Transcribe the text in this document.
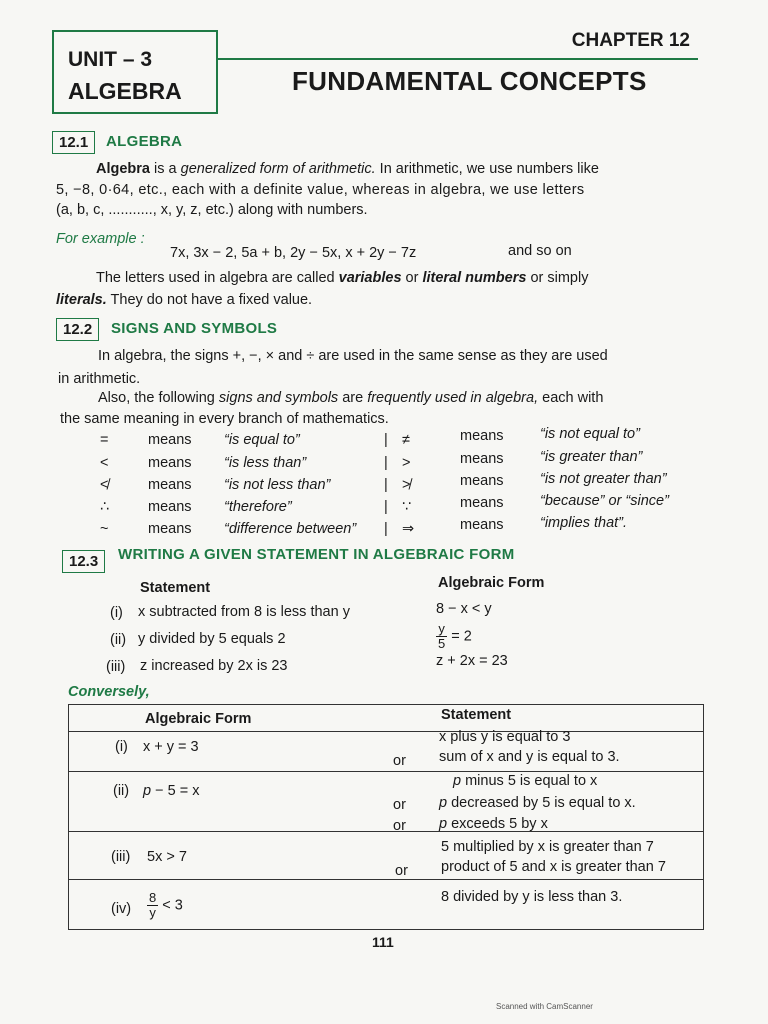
UNIT – 3
ALGEBRA
CHAPTER 12
FUNDAMENTAL CONCEPTS
12.1	ALGEBRA
Algebra is a generalized form of arithmetic. In arithmetic, we use numbers like
5, −8, 0·64, etc., each with a definite value, whereas in algebra, we use letters
(a, b, c, ..........., x, y, z, etc.) along with numbers.
For example :
7x, 3x − 2, 5a + b, 2y − 5x, x + 2y − 7z	and so on
The letters used in algebra are called variables or literal numbers or simply
literals. They do not have a fixed value.
12.2	SIGNS AND SYMBOLS
In algebra, the signs +, −, × and ÷ are used in the same sense as they are used
in arithmetic.
Also, the following signs and symbols are frequently used in algebra, each with
the same meaning in every branch of mathematics.
=	means “is equal to”	| ≠	means	“is not equal to”
<	means “is less than”	| >	means	“is greater than”
≮	means “is not less than”	| ≯	means	“is not greater than”
∴	means “therefore”	| ∵	means	“because” or “since”
~	means “difference between” | ⇒	means	“implies that”.
12.3	WRITING A GIVEN STATEMENT IN ALGEBRAIC FORM
Statement	Algebraic Form
(i) x subtracted from 8 is less than y	8 − x < y
(ii) y divided by 5 equals 2	$\frac{y}{5} = 2$
(iii) z increased by 2x is 23	z + 2x = 23
Conversely,
Algebraic Form	Statement
(i) x + y = 3
x plus y is equal to 3
or sum of x and y is equal to 3.
(ii) p − 5 = x
p minus 5 is equal to x
or p decreased by 5 is equal to x.
or p exceeds 5 by x
(iii) 5x > 7
5 multiplied by x is greater than 7
or product of 5 and x is greater than 7
$(iv) \frac{8}{y} < 3$
8 divided by y is less than 3.
111
Scanned with CamScanner
